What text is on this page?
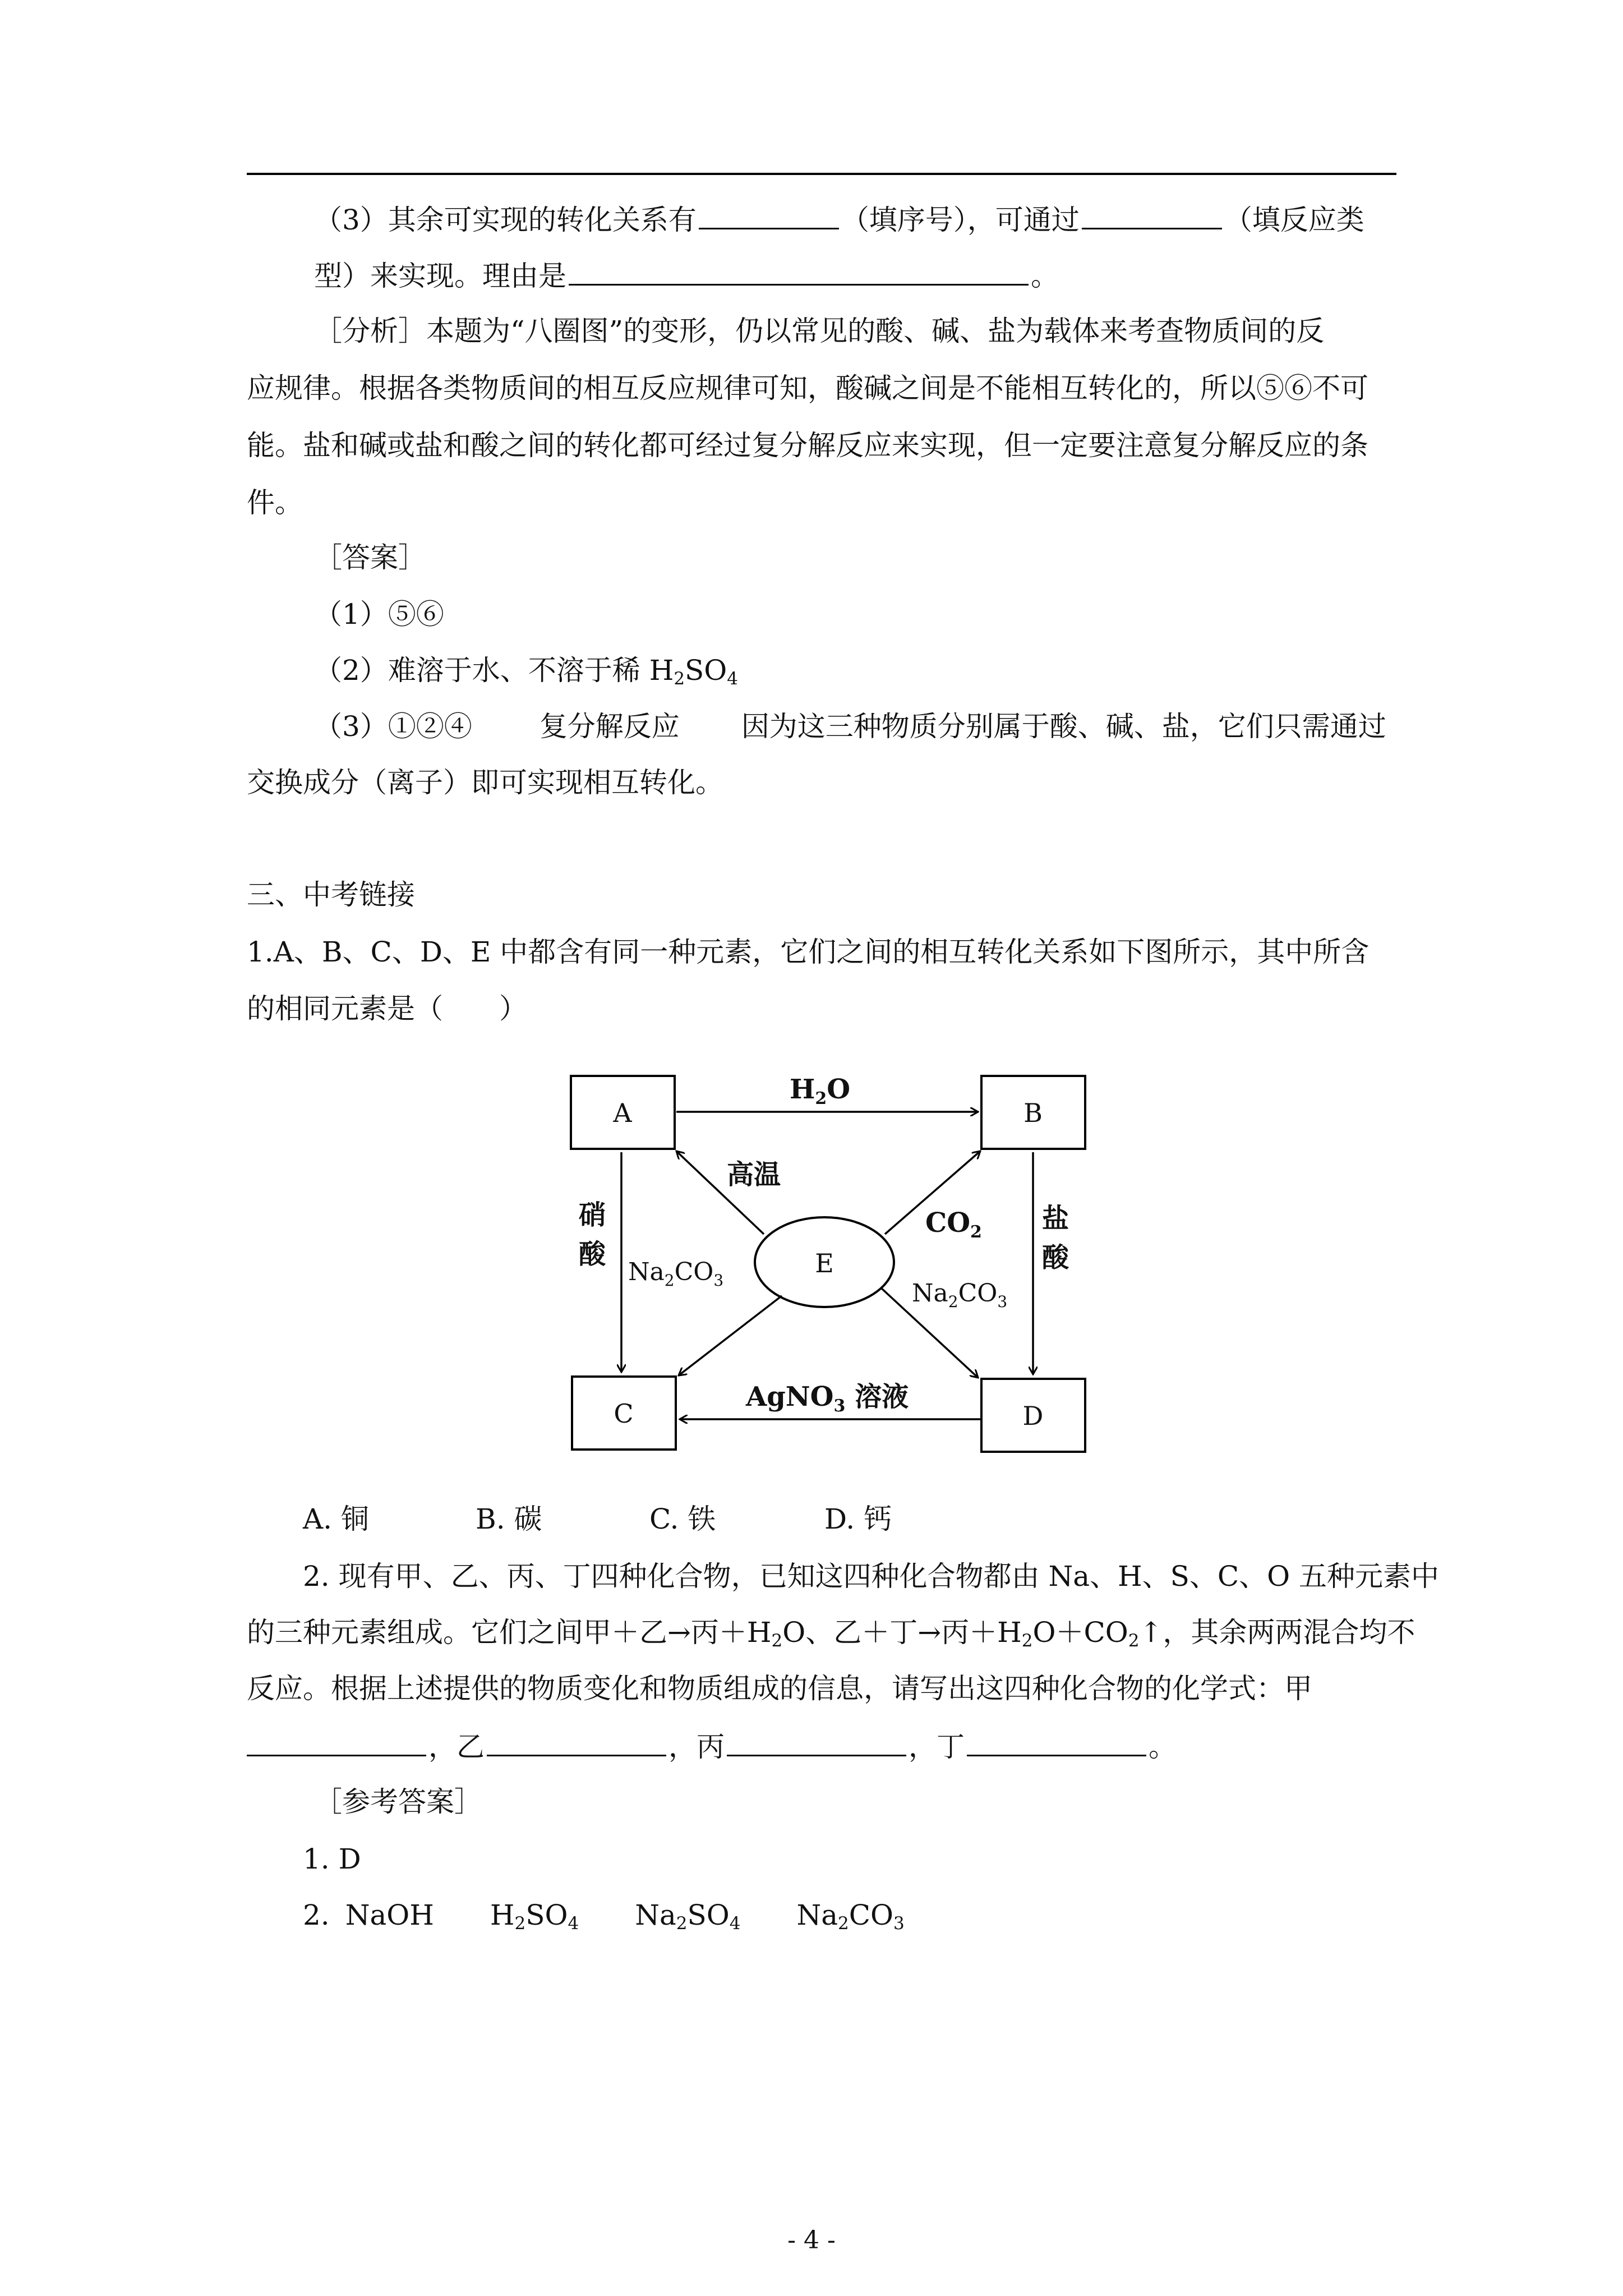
（3）其余可实现的转化关系有	（填序号），可通过	（填反应类
型）来实现。理由是	。
［分析］本题为“八圈图”的变形，仍以常见的酸、碱、盐为载体来考查物质间的反
应规律。根据各类物质间的相互反应规律可知，酸碱之间是不能相互转化的，所以⑤⑥不可
能。盐和碱或盐和酸之间的转化都可经过复分解反应来实现，但一定要注意复分解反应的条
件。
［答案］
（1）⑤⑥
（2）难溶于水、不溶于稀 $H_2SO_4$
（3）①②④ 复分解反应 因为这三种物质分别属于酸、碱、盐，它们只需通过
交换成分（离子）即可实现相互转化。
三、中考链接
1.A、B、C、D、E 中都含有同一种元素，它们之间的相互转化关系如下图所示，其中所含
的相同元素是（　　）
A	B
C	D
E
$H_2O$
高温
硝
酸
$Na_2CO_3$
$CO_2$ 盐
酸
$Na_2CO_3$
AgNO$_3$ 溶液
A. 铜	B. 碳	C. 铁	D. 钙
2. 现有甲、乙、丙、丁四种化合物，已知这四种化合物都由 Na、H、S、C、O 五种元素中
的三种元素组成。它们之间甲＋乙→丙$+H_2O$、乙＋丁→丙$+H_2O+CO_2↑$，其余两两混合均不
反应。根据上述提供的物质变化和物质组成的信息，请写出这四种化合物的化学式：甲
，乙	，丙	，丁	。
［参考答案］
1. D
2. NaOH $H_2SO_4$ $Na_2SO_4$ $Na_2CO_3$
- 4 -
